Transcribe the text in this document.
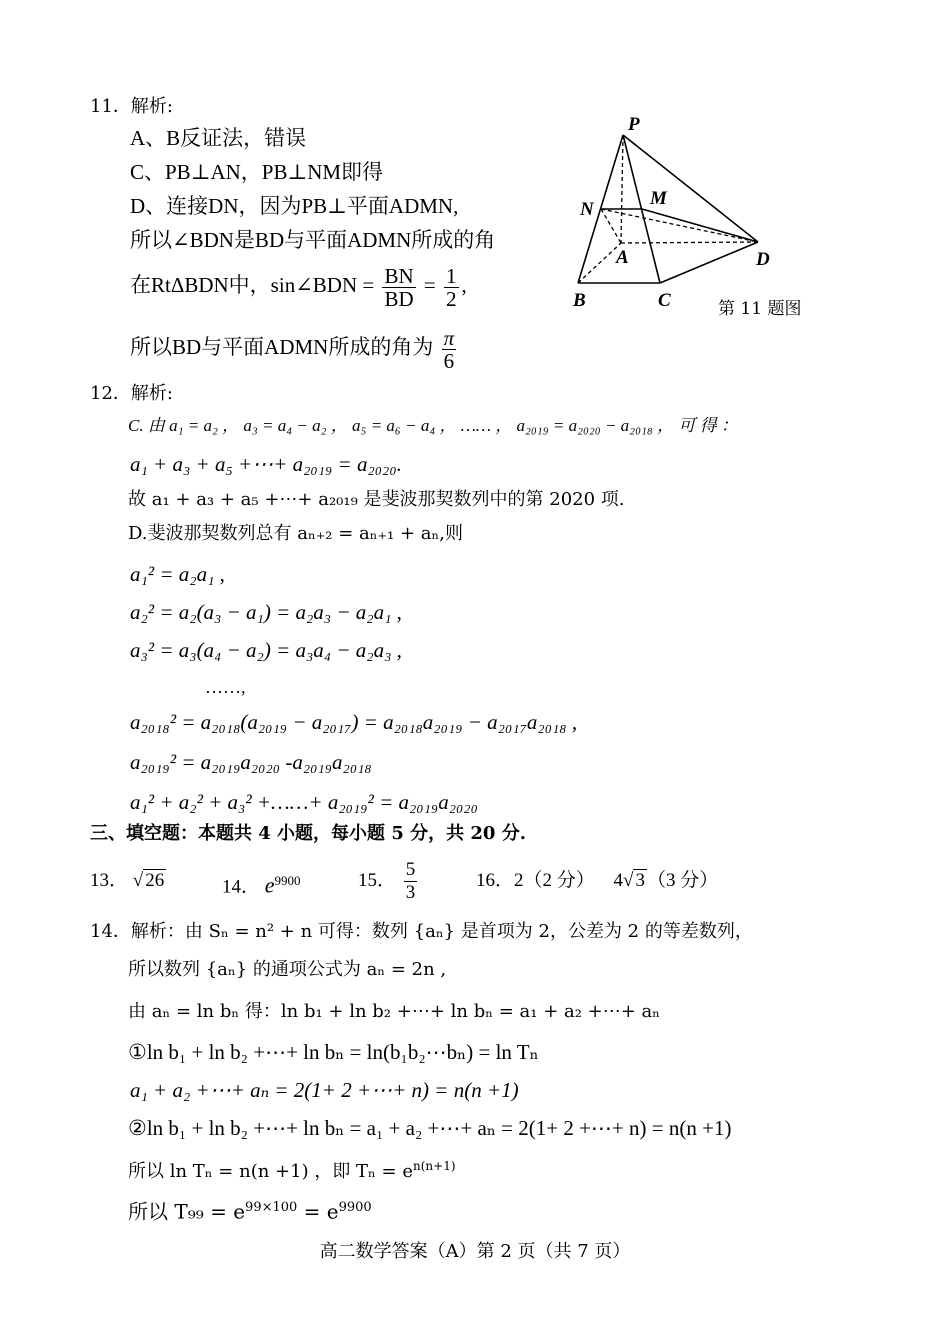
11．解析:
A、B反证法，错误
C、PB⊥AN，PB⊥NM即得
D、连接DN，因为PB⊥平面ADMN,
所以∠BDN是BD与平面ADMN所成的角
在RtΔBDN中，sin∠BDN = $\frac{BN}{BD} = \frac{1}{2}$ ,
所以BD与平面ADMN所成的角为 $\frac{\pi}{6}$
P
N
M
A	D
B	C	第 11 题图
12．解析:
C. 由 a₁ = a₂ ， a₃ = a₄ − a₂ ， a₅ = a₆ − a₄ ， …… ， a₂₀₁₉ = a₂₀₂₀ − a₂₀₁₈ ， 可 得 ：
a₁ + a₃ + a₅ +⋯+ a₂₀₁₉ = a₂₀₂₀.
故 a₁ + a₃ + a₅ +⋯+ a₂₀₁₉ 是斐波那契数列中的第 2020 项.
D.斐波那契数列总有 aₙ₊₂ = aₙ₊₁ + aₙ,则
a₁² = a₂a₁ ,
a₂² = a₂(a₃ − a₁) = a₂a₃ − a₂a₁ ,
a₃² = a₃(a₄ − a₂) = a₃a₄ − a₂a₃ ,
……,
a₂₀₁₈² = a₂₀₁₈(a₂₀₁₉ − a₂₀₁₇) = a₂₀₁₈a₂₀₁₉ − a₂₀₁₇a₂₀₁₈ ,
a₂₀₁₉² = a₂₀₁₉a₂₀₂₀ -a₂₀₁₉a₂₀₁₈
a₁² + a₂² + a₃² +……+ a₂₀₁₉² = a₂₀₁₉a₂₀₂₀
三、填空题：本题共 4 小题，每小题 5 分，共 20 分.
13． √ 26	14． $e^{9900}$	15． $\frac{5}{3}$	16．2（2 分） 4√ 3 （3 分）
14．解析：由 Sₙ = n² + n 可得：数列 {aₙ} 是首项为 2，公差为 2 的等差数列，
所以数列 {aₙ} 的通项公式为 aₙ = 2n ,
由 aₙ = ln bₙ 得：ln b₁ + ln b₂ +⋯+ ln bₙ = a₁ + a₂ +⋯+ aₙ
①ln b₁ + ln b₂ +⋯+ ln bₙ = ln(b₁b₂⋯bₙ) = ln Tₙ
a₁ + a₂ +⋯+ aₙ = 2(1+ 2 +⋯+ n) = n(n +1)
②ln b₁ + ln b₂ +⋯+ ln bₙ = a₁ + a₂ +⋯+ aₙ = 2(1+ 2 +⋯+ n) = n(n +1)
所以 ln Tₙ = n(n +1) ，即 $T_n = e^{n(n+1)}$
所以 $T_{99} = e^{99\times 100} = e^{9900}$
高二数学答案（A）第 2 页（共 7 页）
